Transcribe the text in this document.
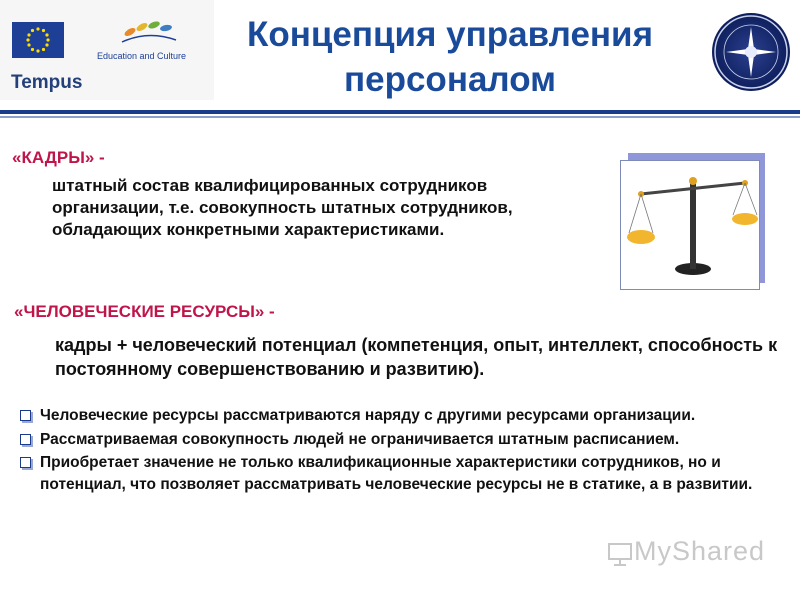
Tempus
Education and Culture
Концепция управления
персоналом
«КАДРЫ» -
штатный состав квалифицированных сотрудников организации, т.е. совокупность штатных сотрудников, обладающих конкретными характеристиками.
«ЧЕЛОВЕЧЕСКИЕ РЕСУРСЫ» -
кадры + человеческий потенциал (компетенция, опыт, интеллект, способность к постоянному совершенствованию и развитию).
Человеческие ресурсы рассматриваются наряду с другими ресурсами организации.
Рассматриваемая совокупность людей не ограничивается штатным расписанием.
Приобретает значение не только квалификационные характеристики сотрудников, но и потенциал, что позволяет рассматривать человеческие ресурсы не в статике, а в развитии.
MyShared
